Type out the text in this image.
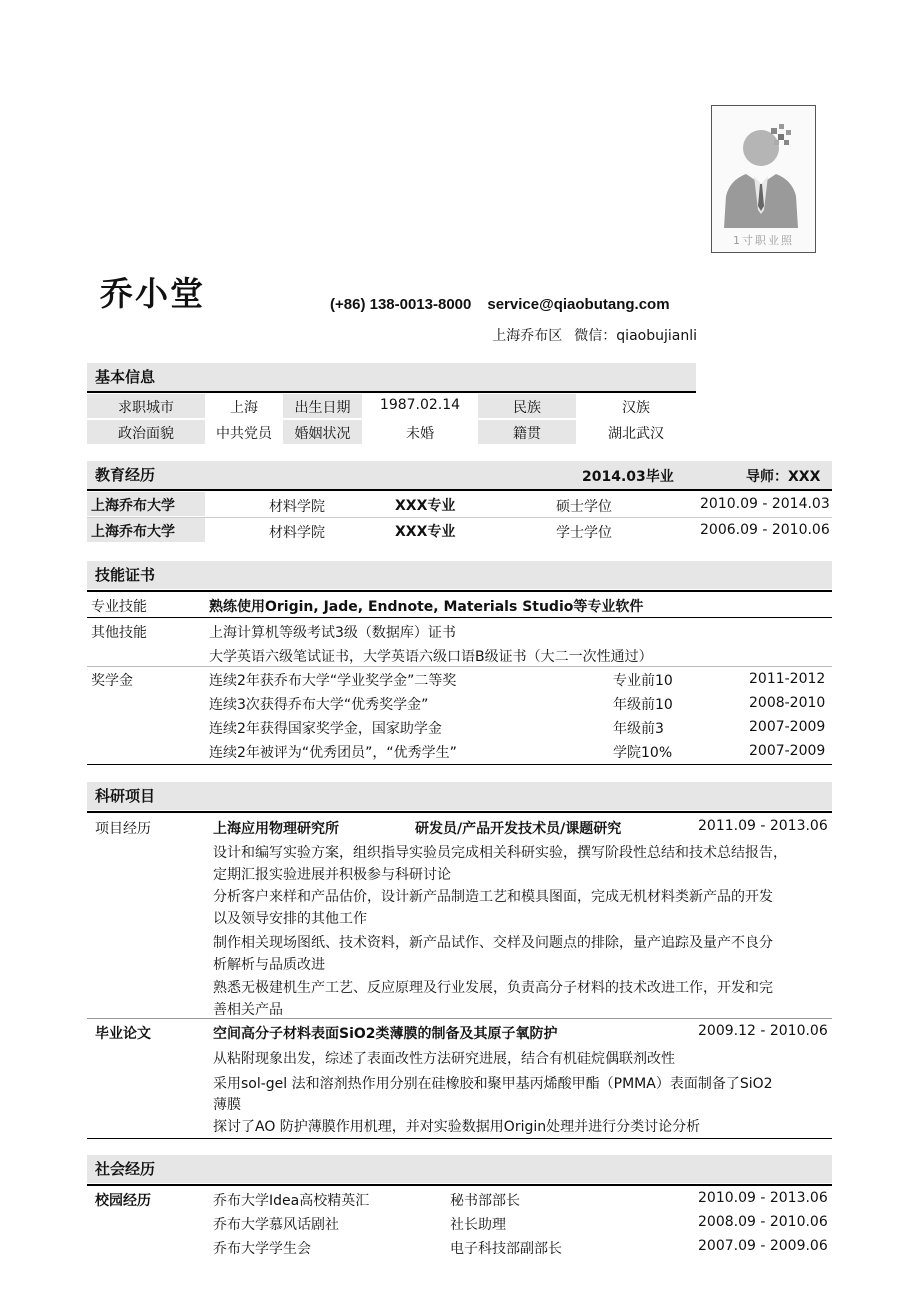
1寸职业照
乔小堂	(+86) 138-0013-8000 service@qiaobutang.com
上海乔布区 微信：qiaobujianli
基本信息
求职城市	上海	出生日期	1987.02.14	民族	汉族
政治面貌	中共党员	婚姻状况	未婚	籍贯	湖北武汉
教育经历	2014.03毕业	导师：XXX
上海乔布大学	材料学院	XXX专业	硕士学位	2010.09 - 2014.03
上海乔布大学	材料学院	XXX专业	学士学位	2006.09 - 2010.06
技能证书
专业技能	熟练使用Origin, Jade, Endnote, Materials Studio等专业软件
其他技能	上海计算机等级考试3级（数据库）证书
大学英语六级笔试证书，大学英语六级口语B级证书（大二一次性通过）
奖学金	连续2年获乔布大学“学业奖学金”二等奖	专业前10	2011-2012
连续3次获得乔布大学“优秀奖学金”	年级前10	2008-2010
连续2年获得国家奖学金，国家助学金	年级前3	2007-2009
连续2年被评为“优秀团员”，“优秀学生”	学院10%	2007-2009
科研项目
项目经历	上海应用物理研究所	研发员/产品开发技术员/课题研究	2011.09 - 2013.06
设计和编写实验方案，组织指导实验员完成相关科研实验，撰写阶段性总结和技术总结报告，
定期汇报实验进展并积极参与科研讨论
分析客户来样和产品估价，设计新产品制造工艺和模具图面，完成无机材料类新产品的开发
以及领导安排的其他工作
制作相关现场图纸、技术资料，新产品试作、交样及问题点的排除，量产追踪及量产不良分
析解析与品质改进
熟悉无极建机生产工艺、反应原理及行业发展，负责高分子材料的技术改进工作，开发和完
善相关产品
毕业论文	空间高分子材料表面SiO2类薄膜的制备及其原子氧防护	2009.12 - 2010.06
从粘附现象出发，综述了表面改性方法研究进展，结合有机硅烷偶联剂改性
采用sol-gel 法和溶剂热作用分别在硅橡胶和聚甲基丙烯酸甲酯（PMMA）表面制备了SiO2
薄膜
探讨了AO 防护薄膜作用机理，并对实验数据用Origin处理并进行分类讨论分析
社会经历
校园经历	乔布大学Idea高校精英汇	秘书部部长	2010.09 - 2013.06
乔布大学慕风话剧社	社长助理	2008.09 - 2010.06
乔布大学学生会	电子科技部副部长	2007.09 - 2009.06
